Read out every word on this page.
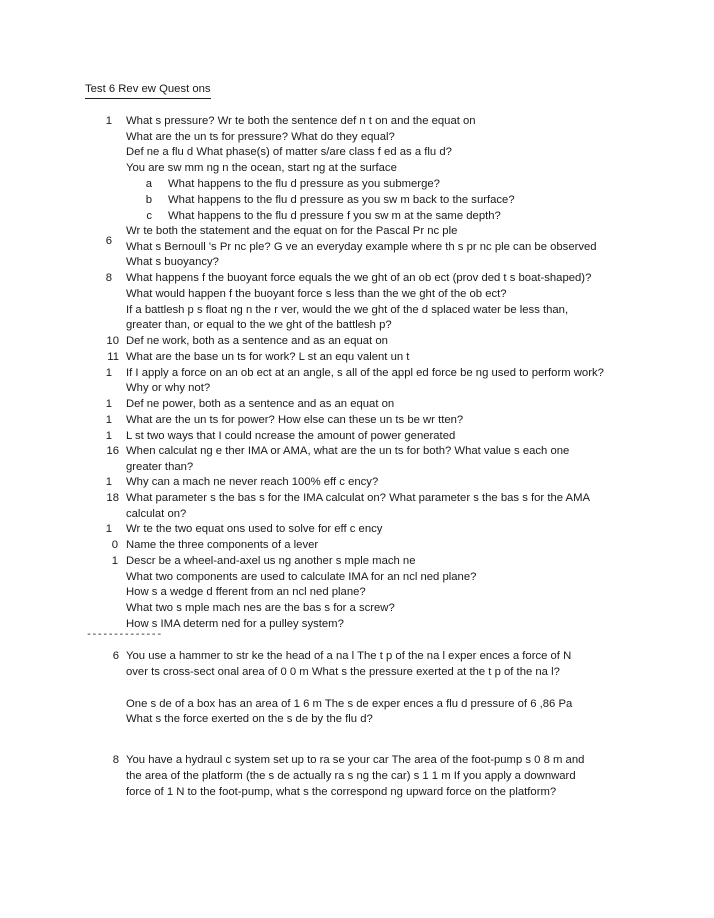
Test 6 Rev ew Quest ons
1 What s pressure? Wr te both the sentence def n t on and the equat on
What are the un ts for pressure? What do they equal?
Def ne a flu d What phase(s) of matter s/are class f ed as a flu d?
You are sw mm ng n the ocean, start ng at the surface
a What happens to the flu d pressure as you submerge?
b What happens to the flu d pressure as you sw m back to the surface?
c What happens to the flu d pressure f you sw m at the same depth?
Wr te both the statement and the equat on for the Pascal Pr nc ple
6 What s Bernoull 's Pr nc ple? G ve an everyday example where th s pr nc ple can be observed
What s buoyancy?
8 What happens f the buoyant force equals the we ght of an ob ect (prov ded t s boat-shaped)?
What would happen f the buoyant force s less than the we ght of the ob ect?
If a battlesh p s float ng n the r ver, would the we ght of the d splaced water be less than,
greater than, or equal to the we ght of the battlesh p?
10 Def ne work, both as a sentence and as an equat on
11 What are the base un ts for work? L st an equ valent un t
1 If I apply a force on an ob ect at an angle, s all of the appl ed force be ng used to perform work?
Why or why not?
1 Def ne power, both as a sentence and as an equat on
1 What are the un ts for power? How else can these un ts be wr tten?
1 L st two ways that I could ncrease the amount of power generated
16 When calculat ng e ther IMA or AMA, what are the un ts for both? What value s each one
greater than?
1 Why can a mach ne never reach 100% eff c ency?
18 What parameter s the bas s for the IMA calculat on? What parameter s the bas s for the AMA
calculat on?
1 Wr te the two equat ons used to solve for eff c ency
0 Name the three components of a lever
1 Descr be a wheel-and-axel us ng another s mple mach ne
What two components are used to calculate IMA for an ncl ned plane?
How s a wedge d fferent from an ncl ned plane?
What two s mple mach nes are the bas s for a screw?
How s IMA determ ned for a pulley system?
--------------
6 You use a hammer to str ke the head of a na l The t p of the na l exper ences a force of N
over ts cross-sect onal area of 0 0 m What s the pressure exerted at the t p of the na l?
One s de of a box has an area of 1 6 m The s de exper ences a flu d pressure of 6 ,86 Pa
What s the force exerted on the s de by the flu d?
8 You have a hydraul c system set up to ra se your car The area of the foot-pump s 0 8 m and
the area of the platform (the s de actually ra s ng the car) s 1 1 m If you apply a downward
force of 1 N to the foot-pump, what s the correspond ng upward force on the platform?
